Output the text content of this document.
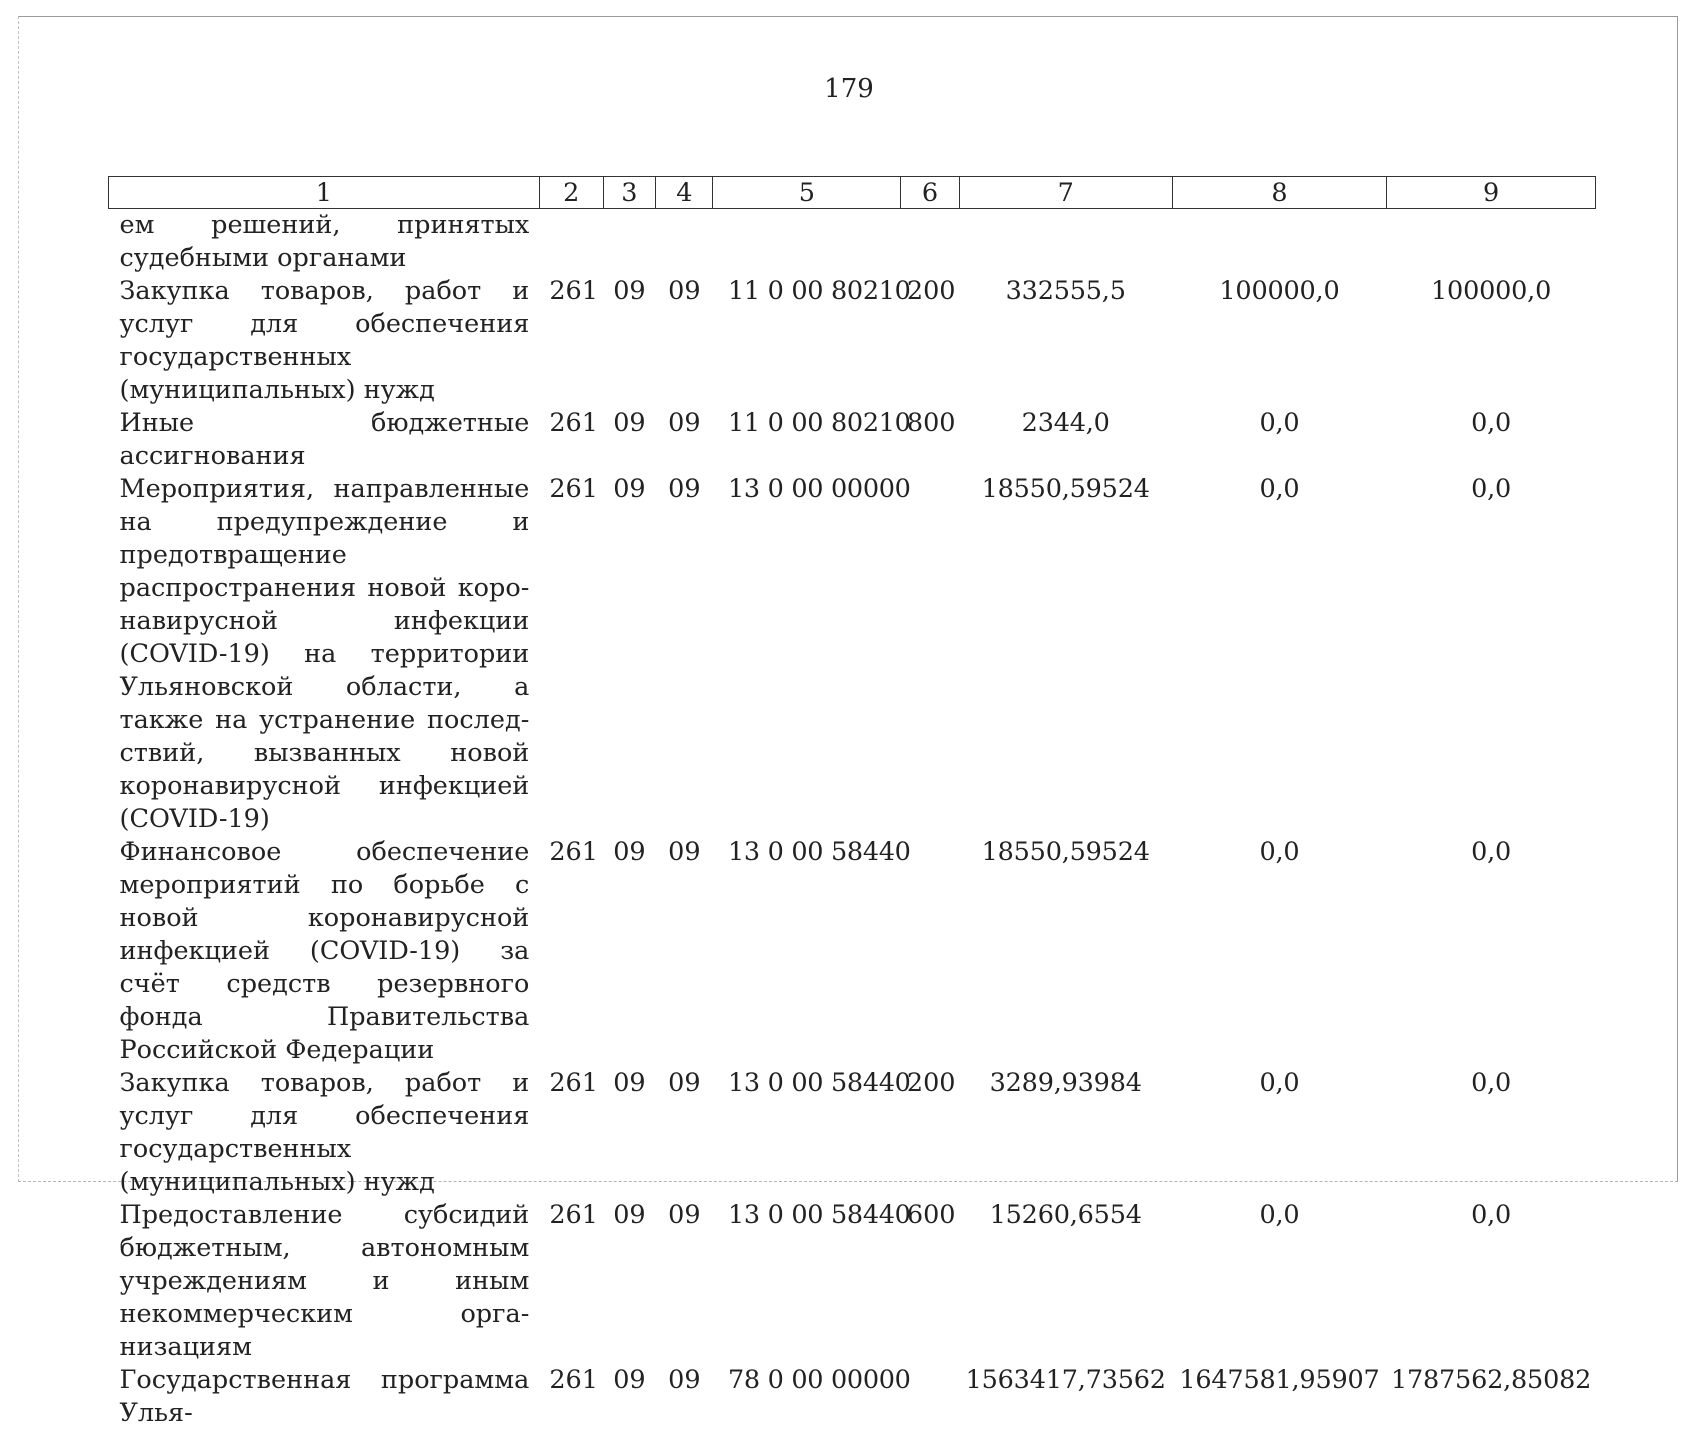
179
1	2	3	4	5	6	7	8	9
ем решений, принятых судебными органами								
Закупка товаров, работ и услуг для обеспечения государственных (муниципальных) нужд	261	09	09	11 0 00 80210	200	332555,5	100000,0	100000,0
Иные бюджетные ассигнования	261	09	09	11 0 00 80210	800	2344,0	0,0	0,0
Мероприятия, направленные на предупреждение и предотвращение распространения новой коронавирусной инфекции (COVID-19) на территории Ульяновской области, а также на устранение последствий, вызванных новой коронавирусной инфекцией (COVID-19)	261	09	09	13 0 00 00000		18550,59524	0,0	0,0
Финансовое обеспечение мероприятий по борьбе с новой коронавирусной инфекцией (COVID-19) за счёт средств резервного фонда Правительства Российской Федерации	261	09	09	13 0 00 58440		18550,59524	0,0	0,0
Закупка товаров, работ и услуг для обеспечения государственных (муниципальных) нужд	261	09	09	13 0 00 58440	200	3289,93984	0,0	0,0
Предоставление субсидий бюджетным, автономным учреждениям и иным некоммерческим организациям	261	09	09	13 0 00 58440	600	15260,6554	0,0	0,0
Государственная программа Улья-	261	09	09	78 0 00 00000		1563417,73562	1647581,95907	1787562,85082
